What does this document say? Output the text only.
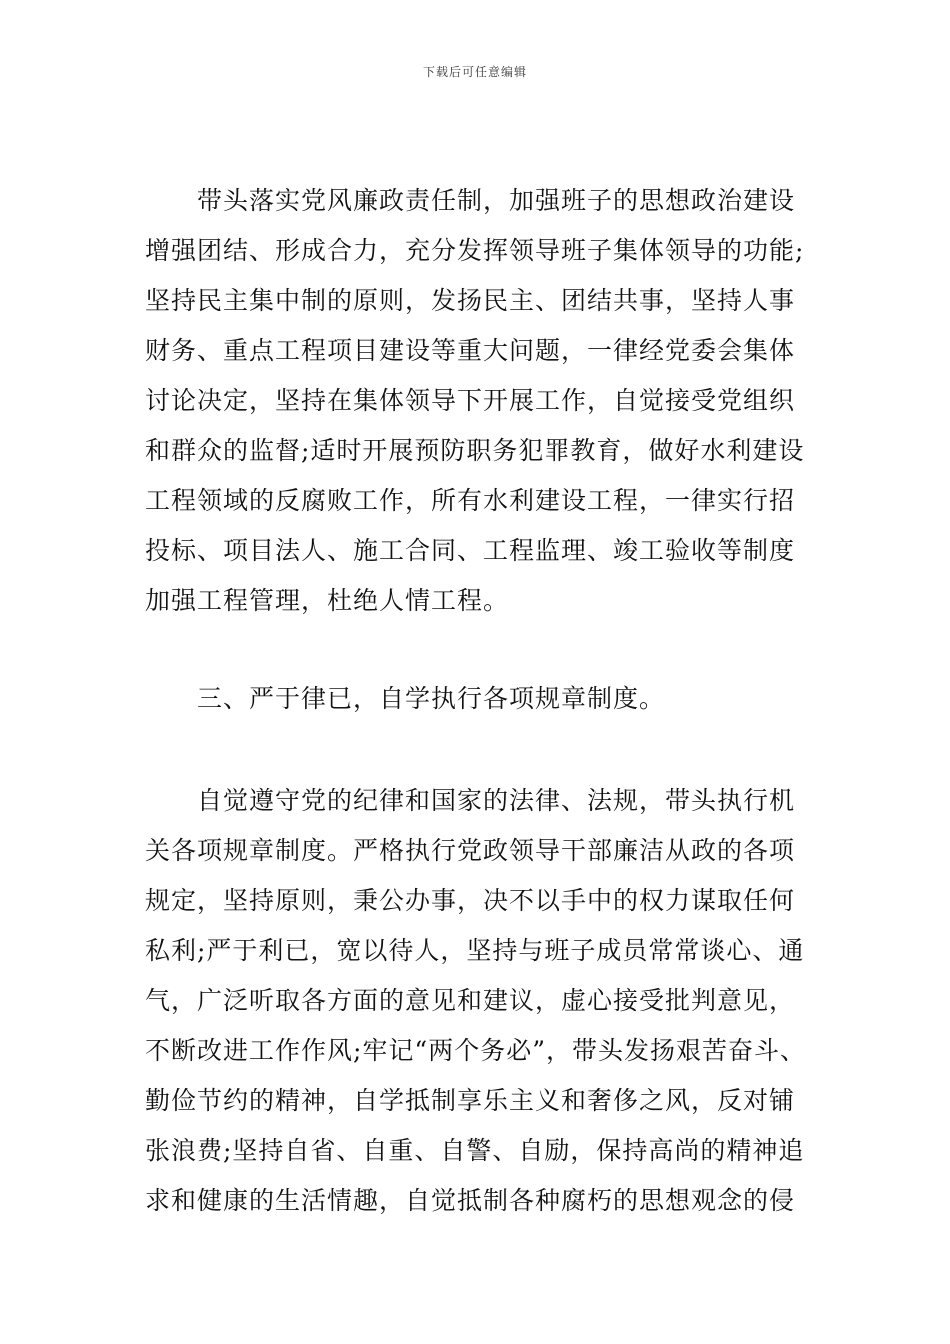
下载后可任意编辑
带头落实党风廉政责任制，加强班子的思想政治建设
增强团结、形成合力，充分发挥领导班子集体领导的功能;
坚持民主集中制的原则，发扬民主、团结共事，坚持人事
财务、重点工程项目建设等重大问题，一律经党委会集体
讨论决定，坚持在集体领导下开展工作，自觉接受党组织
和群众的监督;适时开展预防职务犯罪教育，做好水利建设
工程领域的反腐败工作，所有水利建设工程，一律实行招
投标、项目法人、施工合同、工程监理、竣工验收等制度
加强工程管理，杜绝人情工程。
三、严于律已，自学执行各项规章制度。
自觉遵守党的纪律和国家的法律、法规，带头执行机
关各项规章制度。严格执行党政领导干部廉洁从政的各项
规定，坚持原则，秉公办事，决不以手中的权力谋取任何
私利;严于利已，宽以待人，坚持与班子成员常常谈心、通
气，广泛听取各方面的意见和建议，虚心接受批判意见，
不断改进工作作风;牢记“两个务必”，带头发扬艰苦奋斗、
勤俭节约的精神，自学抵制享乐主义和奢侈之风，反对铺
张浪费;坚持自省、自重、自警、自励，保持高尚的精神追
求和健康的生活情趣，自觉抵制各种腐朽的思想观念的侵
